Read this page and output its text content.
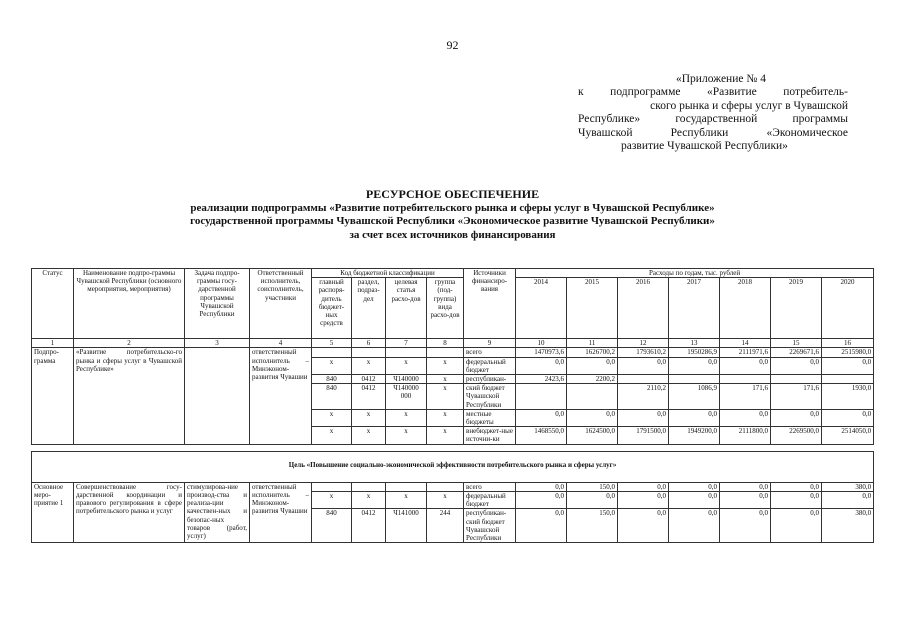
92
«Приложение № 4
к подпрограмме «Развитие потребитель-
ского рынка и сферы услуг в Чувашской
Республике» государственной программы
Чувашской Республики «Экономическое
развитие Чувашской Республики»
РЕСУРСНОЕ ОБЕСПЕЧЕНИЕ
реализации подпрограммы «Развитие потребительского рынка и сферы услуг в Чувашской Республике»
государственной программы Чувашской Республики «Экономическое развитие Чувашской Республики»
за счет всех источников финансирования
Статус	Наименование подпро-граммы Чувашской Республики (основного мероприятия, мероприятия)	Задача подпро-граммы госу-дарственной программы Чувашской Республики	Ответственный исполнитель, соисполнитель, участники	Код бюджетной классификации				Источники финансиро-вания	Расходы по годам, тыс. рублей						
				главный распоря-дитель бюджет-ных средств	раздел, подраз-дел	целевая статья расхо-дов	группа (под-группа) вида расхо-дов		2014	2015	2016	2017	2018	2019	2020
1	2	3	4	5	6	7	8	9	10	11	12	13	14	15	16
Подпро-грамма	«Развитие потребительско-го рынка и сферы услуг в Чувашской Республике»		ответственный исполнитель – Минэконом-развития Чувашии					всего	1470973,6	1626700,2	1793610,2	1950286,9	2111971,6	2269671,6	2515980,0
				х	х	х	х	федеральный бюджет	0,0	0,0	0,0	0,0	0,0	0,0	0,0
				840	0412	Ч140000	х	республикан-	2423,6	2200,2					
				840	0412	Ч140000 000	х	ский бюджет Чувашской Республики			2110,2	1086,9	171,6	171,6	1930,0
				х	х	х	х	местные бюджеты	0,0	0,0	0,0	0,0	0,0	0,0	0,0
				х	х	х	х	внебюджет-ные источни-ки	1468550,0	1624500,0	1791500,0	1949200,0	2111800,0	2269500,0	2514050,0

Цель «Повышение социально-экономической эффективности потребительского рынка и сферы услуг»															
Основное меро-приятие 1	Совершенствование госу-дарственной координации и правового регулирования в сфере потребительского рынка и услуг	стимулирова-ние производ-ства и реализа-ции качествен-ных и безопас-ных товаров (работ, услуг)	ответственный исполнитель – Минэконом-развития Чувашии					всего	0,0	150,0	0,0	0,0	0,0	0,0	380,0
				х	х	х	х	федеральный бюджет	0,0	0,0	0,0	0,0	0,0	0,0	0,0
				840	0412	Ч141000	244	республикан-ский бюджет Чувашской Республики	0,0	150,0	0,0	0,0	0,0	0,0	380,0
